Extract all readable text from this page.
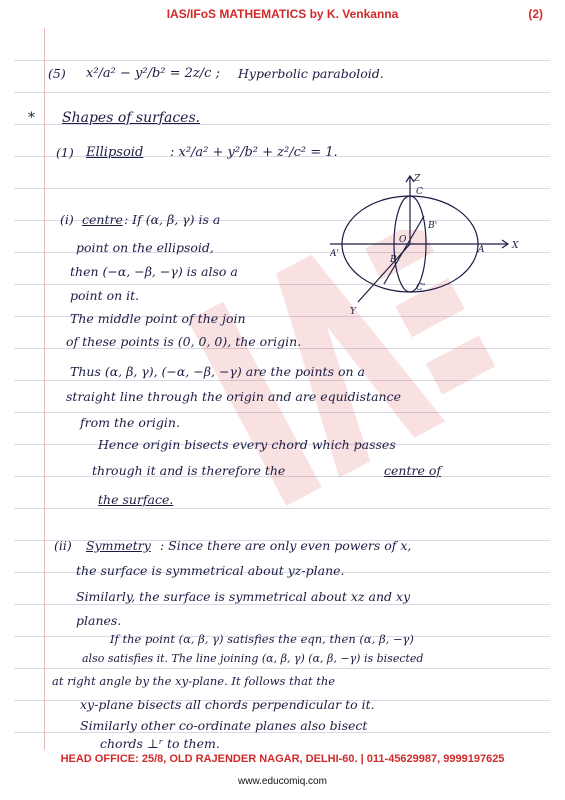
IAS/IFoS MATHEMATICS by K. Venkanna	(2)
(5) x²/a² − y²/b² = 2z/c ; Hyperbolic paraboloid.
* Shapes of surfaces.
(1) Ellipsoid : x²/a² + y²/b² + z²/c² = 1.
Z
C
A
A'
B
B'
C'
O
X
Y
(i) centre : If (α, β, γ) is a
point on the ellipsoid,
then (−α, −β, −γ) is also a
point on it.
The middle point of the join
of these points is (0, 0, 0), the origin.
Thus (α, β, γ), (−α, −β, −γ) are the points on a
straight line through the origin and are equidistance
from the origin.
Hence origin bisects every chord which passes
through it and is therefore the	centre of
the surface.
(ii) Symmetry : Since there are only even powers of x,
the surface is symmetrical about yz-plane.
Similarly, the surface is symmetrical about xz and xy
planes.
If the point (α, β, γ) satisfies the eqn, then (α, β, −γ)
also satisfies it. The line joining (α, β, γ) (α, β, −γ) is bisected
at right angle by the xy-plane. It follows that the
xy-plane bisects all chords perpendicular to it.
Similarly other co-ordinate planes also bisect
chords ⊥ʳ to them.
HEAD OFFICE: 25/8, OLD RAJENDER NAGAR, DELHI-60. | 011-45629987, 9999197625
www.educomiq.com
